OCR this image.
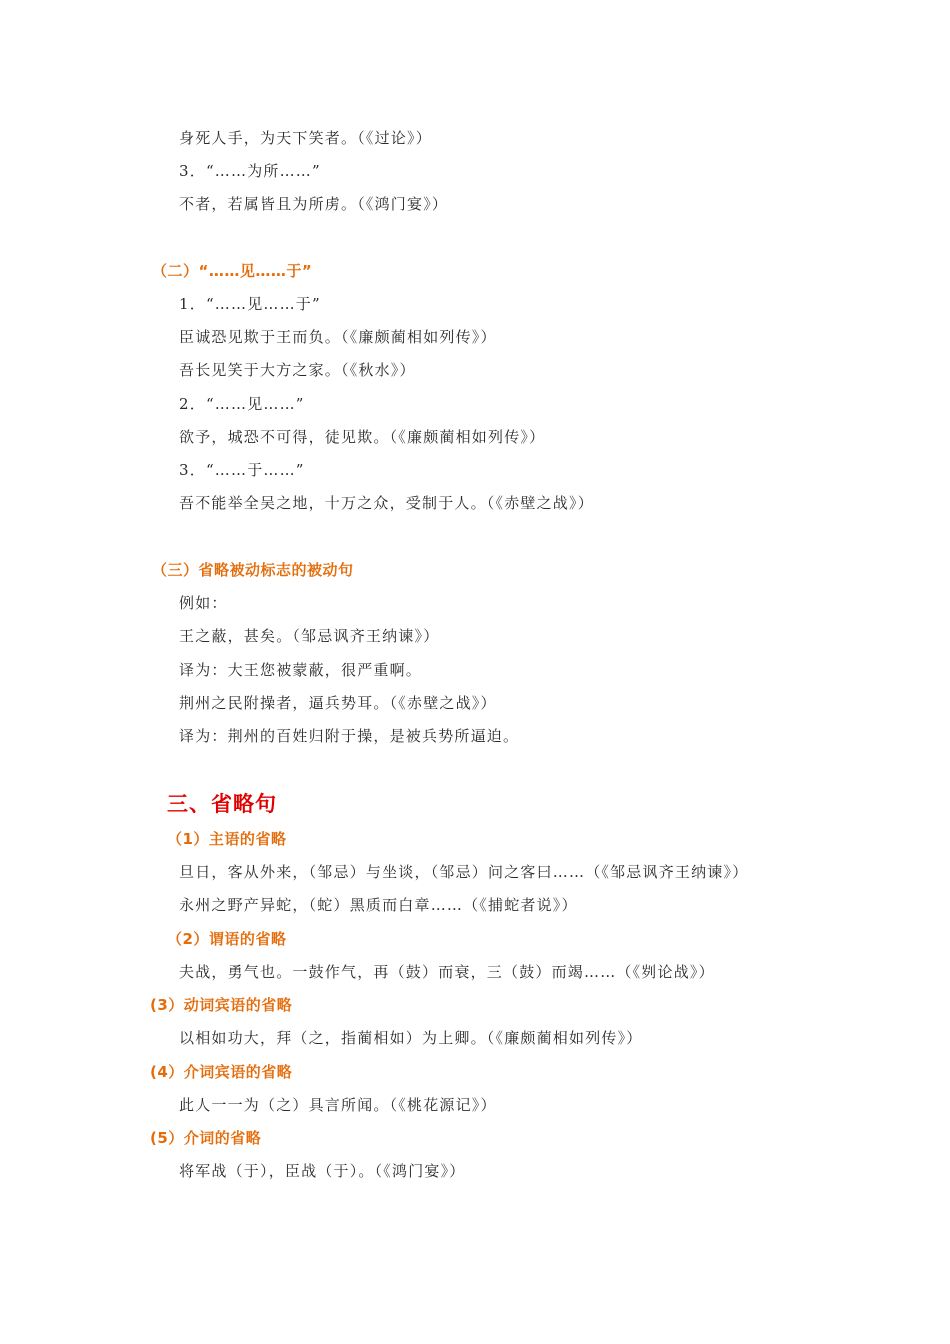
身死人手，为天下笑者。（《过论》）
3．“……为所……”
不者，若属皆且为所虏。（《鸿门宴》）
（二）“……见……于”
1．“……见……于”
臣诚恐见欺于王而负。（《廉颇蔺相如列传》）
吾长见笑于大方之家。（《秋水》）
2．“……见……”
欲予，城恐不可得，徒见欺。（《廉颇蔺相如列传》）
3．“……于……”
吾不能举全吴之地，十万之众，受制于人。（《赤壁之战》）
（三）省略被动标志的被动句
例如：
王之蔽，甚矣。（邹忌讽齐王纳谏》）
译为：大王您被蒙蔽，很严重啊。
荆州之民附操者，逼兵势耳。（《赤壁之战》）
译为：荆州的百姓归附于操，是被兵势所逼迫。
三、省略句
（1）主语的省略
旦日，客从外来，（邹忌）与坐谈，（邹忌）问之客曰……（《邹忌讽齐王纳谏》）
永州之野产异蛇，（蛇）黑质而白章……（《捕蛇者说》）
（2）谓语的省略
夫战，勇气也。一鼓作气，再（鼓）而衰，三（鼓）而竭……（《刿论战》）
(3）动词宾语的省略
以相如功大，拜（之，指蔺相如）为上卿。（《廉颇蔺相如列传》）
(4）介词宾语的省略
此人一一为（之）具言所闻。（《桃花源记》）
(5）介词的省略
将军战（于），臣战（于）。（《鸿门宴》）
